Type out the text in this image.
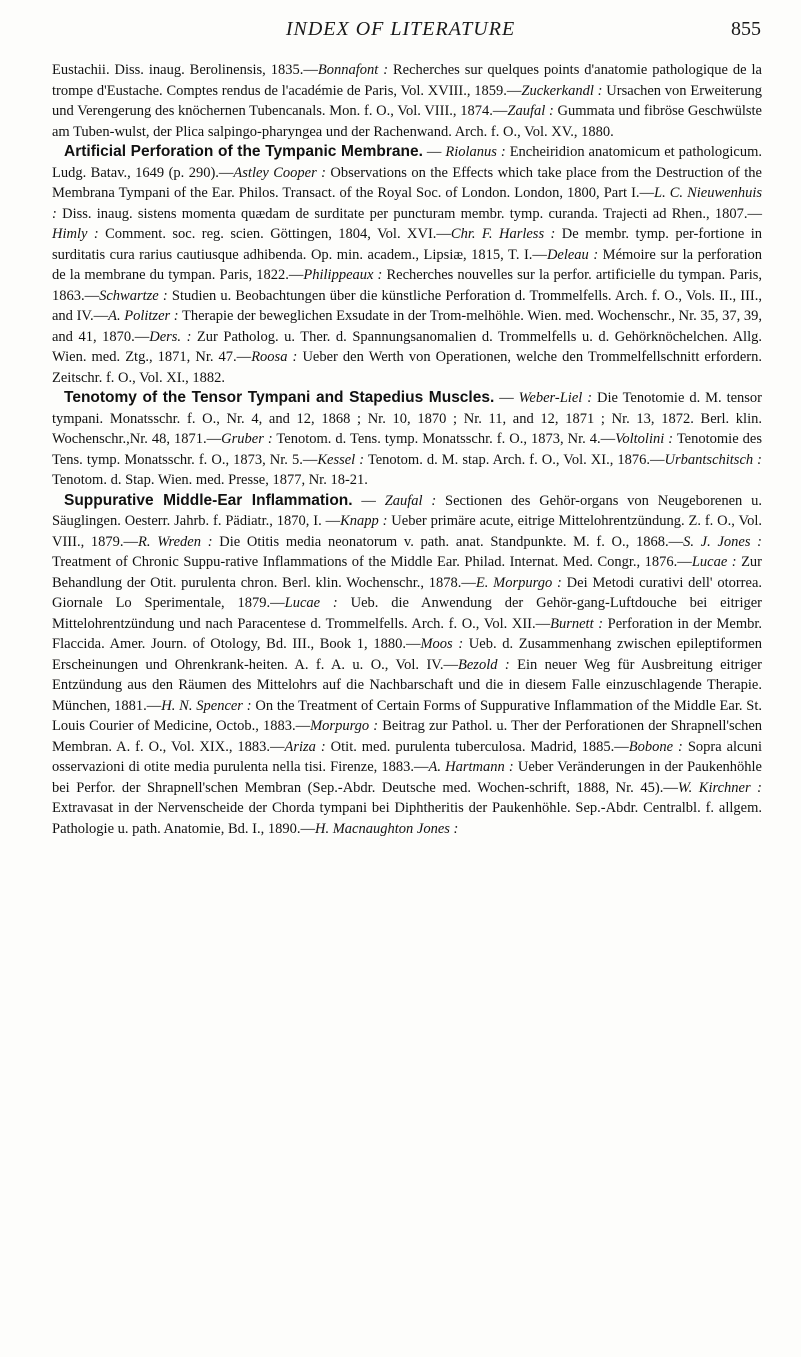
INDEX OF LITERATURE	855

Eustachii. Diss. inaug. Berolinensis, 1835.—Bonnafont : Recherches sur quelques points d'anatomie pathologique de la trompe d'Eustache. Comptes rendus de l'académie de Paris, Vol. XVIII., 1859.—Zuckerkandl : Ursachen von Erweiterung und Verengerung des knöchernen Tubencanals. Mon. f. O., Vol. VIII., 1874.—Zaufal : Gummata und fibröse Geschwülste am Tuben-wulst, der Plica salpingo-pharyngea und der Rachenwand. Arch. f. O., Vol. XV., 1880.

Artificial Perforation of the Tympanic Membrane. — Riolanus : Encheiridion anatomicum et pathologicum. Ludg. Batav., 1649 (p. 290).—Astley Cooper : Observations on the Effects which take place from the Destruction of the Membrana Tympani of the Ear. Philos. Transact. of the Royal Soc. of London. London, 1800, Part I.—L. C. Nieuwenhuis : Diss. inaug. sistens momenta quædam de surditate per puncturam membr. tymp. curanda. Trajecti ad Rhen., 1807.—Himly : Comment. soc. reg. scien. Göttingen, 1804, Vol. XVI.—Chr. F. Harless : De membr. tymp. per-fortione in surditatis cura rarius cautiusque adhibenda. Op. min. academ., Lipsiæ, 1815, T. I.—Deleau : Mémoire sur la perforation de la membrane du tympan. Paris, 1822.—Philippeaux : Recherches nouvelles sur la perfor. artificielle du tympan. Paris, 1863.—Schwartze : Studien u. Beobachtungen über die künstliche Perforation d. Trommelfells. Arch. f. O., Vols. II., III., and IV.—A. Politzer : Therapie der beweglichen Exsudate in der Trom-melhöhle. Wien. med. Wochenschr., Nr. 35, 37, 39, and 41, 1870.—Ders. : Zur Patholog. u. Ther. d. Spannungsanomalien d. Trommelfells u. d. Gehörknöchelchen. Allg. Wien. med. Ztg., 1871, Nr. 47.—Roosa : Ueber den Werth von Operationen, welche den Trommelfellschnitt erfordern. Zeitschr. f. O., Vol. XI., 1882.

Tenotomy of the Tensor Tympani and Stapedius Muscles. — Weber-Liel : Die Tenotomie d. M. tensor tympani. Monatsschr. f. O., Nr. 4, and 12, 1868 ; Nr. 10, 1870 ; Nr. 11, and 12, 1871 ; Nr. 13, 1872. Berl. klin. Wochenschr.,Nr. 48, 1871.—Gruber : Tenotom. d. Tens. tymp. Monatsschr. f. O., 1873, Nr. 4.—Voltolini : Tenotomie des Tens. tymp. Monatsschr. f. O., 1873, Nr. 5.—Kessel : Tenotom. d. M. stap. Arch. f. O., Vol. XI., 1876.—Urbantschitsch : Tenotom. d. Stap. Wien. med. Presse, 1877, Nr. 18-21.

Suppurative Middle-Ear Inflammation. — Zaufal : Sectionen des Gehör-organs von Neugeborenen u. Säuglingen. Oesterr. Jahrb. f. Pädiatr., 1870, I. —Knapp : Ueber primäre acute, eitrige Mittelohrentzündung. Z. f. O., Vol. VIII., 1879.—R. Wreden : Die Otitis media neonatorum v. path. anat. Standpunkte. M. f. O., 1868.—S. J. Jones : Treatment of Chronic Suppu-rative Inflammations of the Middle Ear. Philad. Internat. Med. Congr., 1876.—Lucae : Zur Behandlung der Otit. purulenta chron. Berl. klin. Wochenschr., 1878.—E. Morpurgo : Dei Metodi curativi dell' otorrea. Giornale Lo Sperimentale, 1879.—Lucae : Ueb. die Anwendung der Gehör-gang-Luftdouche bei eitriger Mittelohrentzündung und nach Paracentese d. Trommelfells. Arch. f. O., Vol. XII.—Burnett : Perforation in der Membr. Flaccida. Amer. Journ. of Otology, Bd. III., Book 1, 1880.—Moos : Ueb. d. Zusammenhang zwischen epileptiformen Erscheinungen und Ohrenkrank-heiten. A. f. A. u. O., Vol. IV.—Bezold : Ein neuer Weg für Ausbreitung eitriger Entzündung aus den Räumen des Mittelohrs auf die Nachbarschaft und die in diesem Falle einzuschlagende Therapie. München, 1881.—H. N. Spencer : On the Treatment of Certain Forms of Suppurative Inflammation of the Middle Ear. St. Louis Courier of Medicine, Octob., 1883.—Morpurgo : Beitrag zur Pathol. u. Ther der Perforationen der Shrapnell'schen Membran. A. f. O., Vol. XIX., 1883.—Ariza : Otit. med. purulenta tuberculosa. Madrid, 1885.—Bobone : Sopra alcuni osservazioni di otite media purulenta nella tisi. Firenze, 1883.—A. Hartmann : Ueber Veränderungen in der Paukenhöhle bei Perfor. der Shrapnell'schen Membran (Sep.-Abdr. Deutsche med. Wochen-schrift, 1888, Nr. 45).—W. Kirchner : Extravasat in der Nervenscheide der Chorda tympani bei Diphtheritis der Paukenhöhle. Sep.-Abdr. Centralbl. f. allgem. Pathologie u. path. Anatomie, Bd. I., 1890.—H. Macnaughton Jones :
